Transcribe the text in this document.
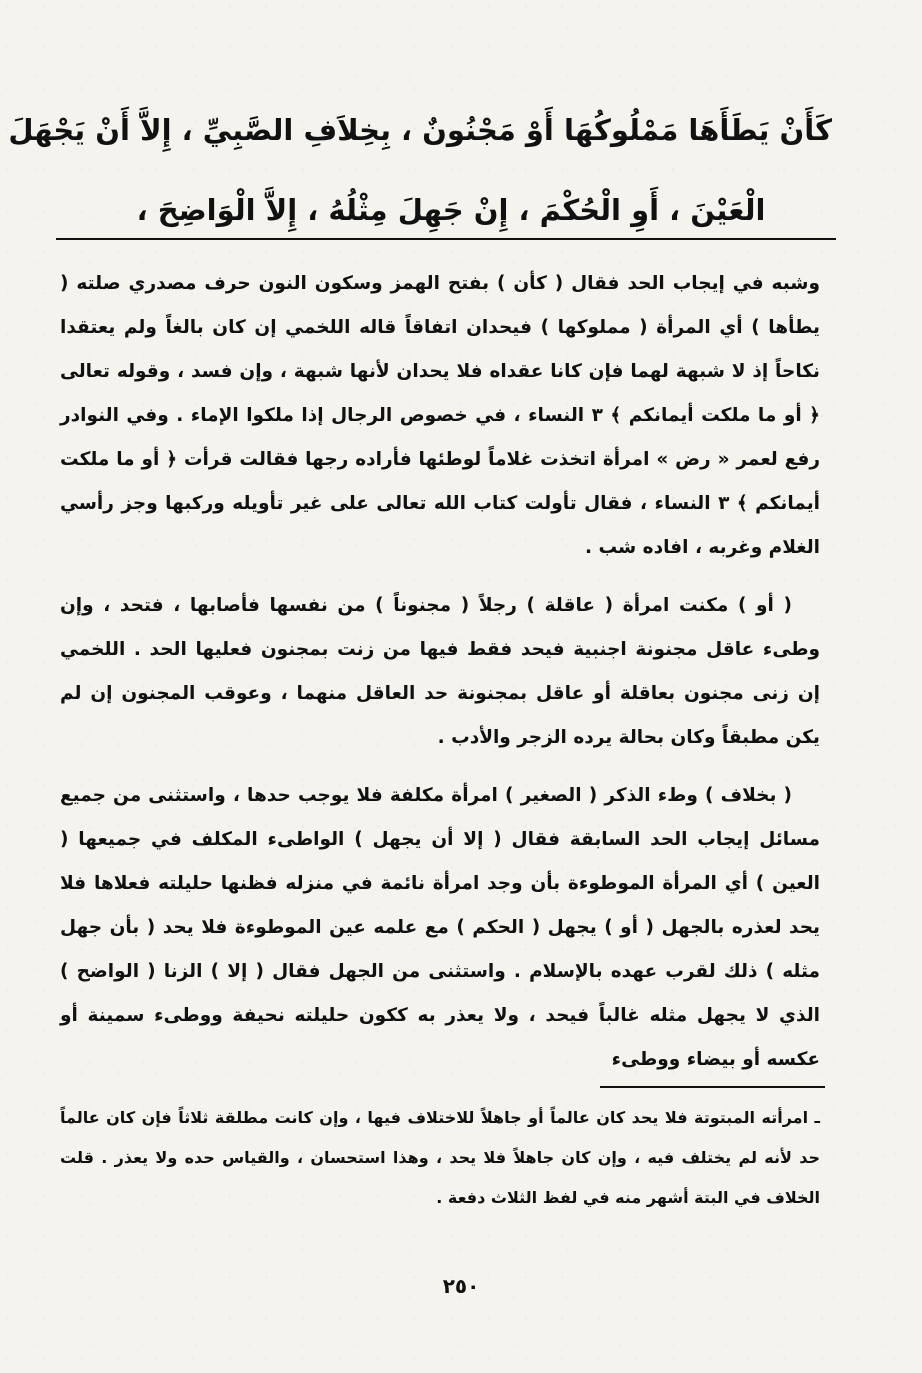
كَأَنْ يَطَأَهَا مَمْلُوكُهَا أَوْ مَجْنُونٌ ، بِخِلاَفِ الصَّبِيِّ ، إِلاَّ أَنْ يَجْهَلَ
الْعَيْنَ ، أَوِ الْحُكْمَ ، إِنْ جَهِلَ مِثْلُهُ ، إِلاَّ الْوَاضِحَ ،

وشبه في إيجاب الحد فقال ( كأن ) بفتح الهمز وسكون النون حرف مصدري صلته ( يطأها ) أي المرأة ( مملوكها ) فيحدان اتفاقاً قاله اللخمي إن كان بالغاً ولم يعتقدا نكاحاً إذ لا شبهة لهما فإن كانا عقداه فلا يحدان لأنها شبهة ، وإن فسد ، وقوله تعالى ﴿ أو ما ملكت أيمانكم ﴾ ٣ النساء ، في خصوص الرجال إذا ملكوا الإماء . وفي النوادر رفع لعمر « رض » امرأة اتخذت غلاماً لوطئها فأراده رجها فقالت قرأت ﴿ أو ما ملكت أيمانكم ﴾ ٣ النساء ، فقال تأولت كتاب الله تعالى على غير تأويله وركبها وجز رأسي الغلام وغربه ، افاده شب .

( أو ) مكنت امرأة ( عاقلة ) رجلاً ( مجنوناً ) من نفسها فأصابها ، فتحد ، وإن وطىء عاقل مجنونة اجنبية فيحد فقط فيها من زنت بمجنون فعليها الحد . اللخمي إن زنى مجنون بعاقلة أو عاقل بمجنونة حد العاقل منهما ، وعوقب المجنون إن لم يكن مطبقاً وكان بحالة يرده الزجر والأدب .

( بخلاف ) وطء الذكر ( الصغير ) امرأة مكلفة فلا يوجب حدها ، واستثنى من جميع مسائل إيجاب الحد السابقة فقال ( إلا أن يجهل ) الواطىء المكلف في جميعها ( العين ) أي المرأة الموطوءة بأن وجد امرأة نائمة في منزله فظنها حليلته فعلاها فلا يحد لعذره بالجهل ( أو ) يجهل ( الحكم ) مع علمه عين الموطوءة فلا يحد ( بأن جهل مثله ) ذلك لقرب عهده بالإسلام . واستثنى من الجهل فقال ( إلا ) الزنا ( الواضح ) الذي لا يجهل مثله غالباً فيحد ، ولا يعذر به ككون حليلته نحيفة ووطىء سمينة أو عكسه أو بيضاء ووطىء

ـ امرأته المبتوتة فلا يحد كان عالماً أو جاهلاً للاختلاف فيها ، وإن كانت مطلقة ثلاثاً فإن كان عالماً حد لأنه لم يختلف فيه ، وإن كان جاهلاً فلا يحد ، وهذا استحسان ، والقياس حده ولا يعذر . قلت الخلاف في البتة أشهر منه في لفظ الثلاث دفعة .

٢٥٠
